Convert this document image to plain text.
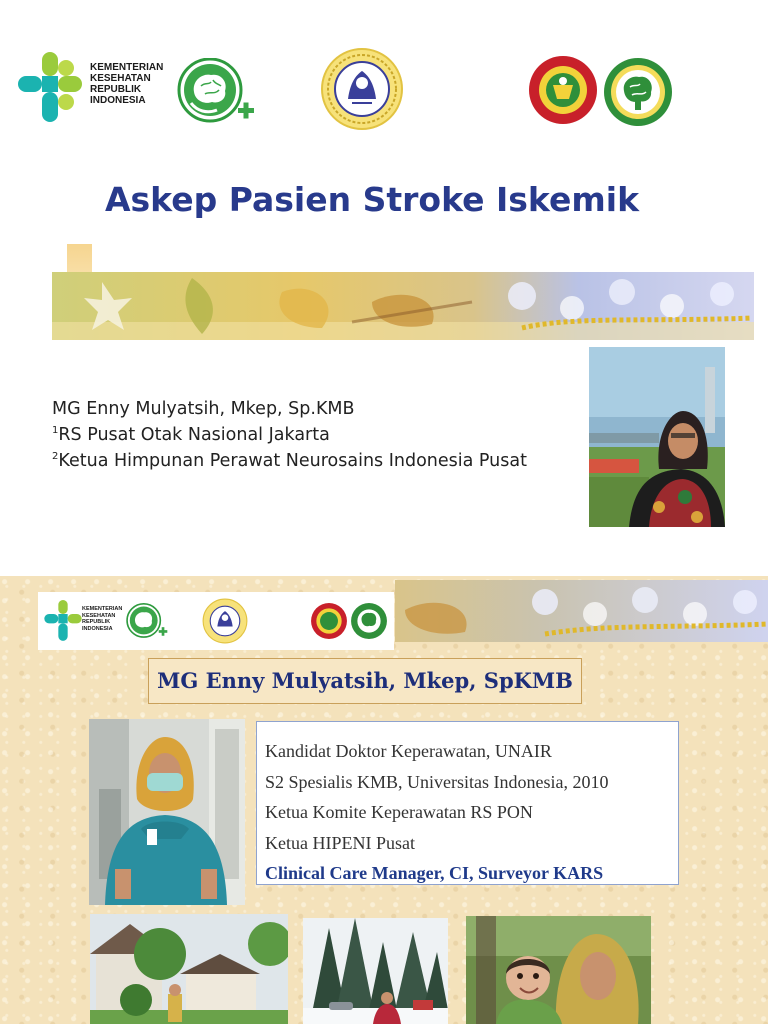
KEMENTERIAN
KESEHATAN
REPUBLIK
INDONESIA
Askep Pasien Stroke Iskemik
MG Enny Mulyatsih, Mkep, Sp.KMB
$^1$RS Pusat Otak Nasional Jakarta
$^2$Ketua Himpunan Perawat Neurosains Indonesia Pusat
KEMENTERIAN
KESEHATAN
REPUBLIK
INDONESIA
MG Enny Mulyatsih, Mkep, SpKMB
Kandidat Doktor Keperawatan, UNAIR
S2 Spesialis KMB, Universitas Indonesia, 2010
Ketua Komite Keperawatan RS PON
Ketua HIPENI Pusat
Clinical Care Manager, CI, Surveyor KARS
